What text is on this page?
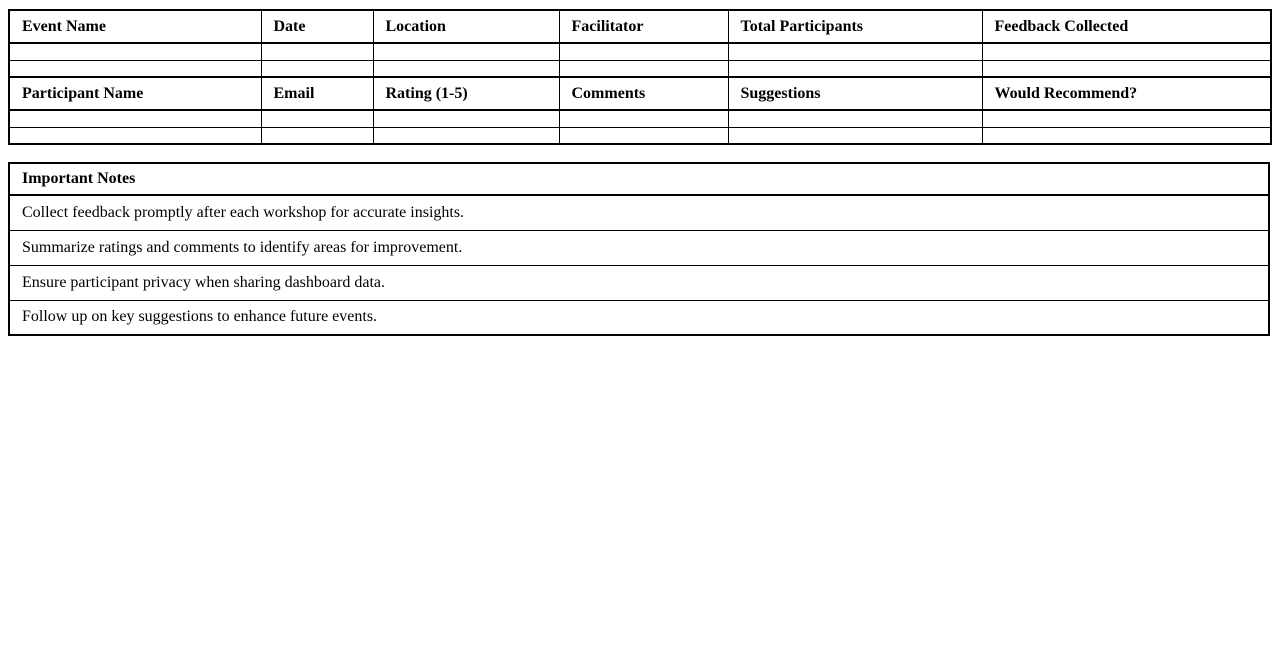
Event Name	Date	Location	Facilitator	Total Participants	Feedback Collected

Participant Name	Email	Rating (1-5)	Comments	Suggestions	Would Recommend?

Important Notes
Collect feedback promptly after each workshop for accurate insights.
Summarize ratings and comments to identify areas for improvement.
Ensure participant privacy when sharing dashboard data.
Follow up on key suggestions to enhance future events.
